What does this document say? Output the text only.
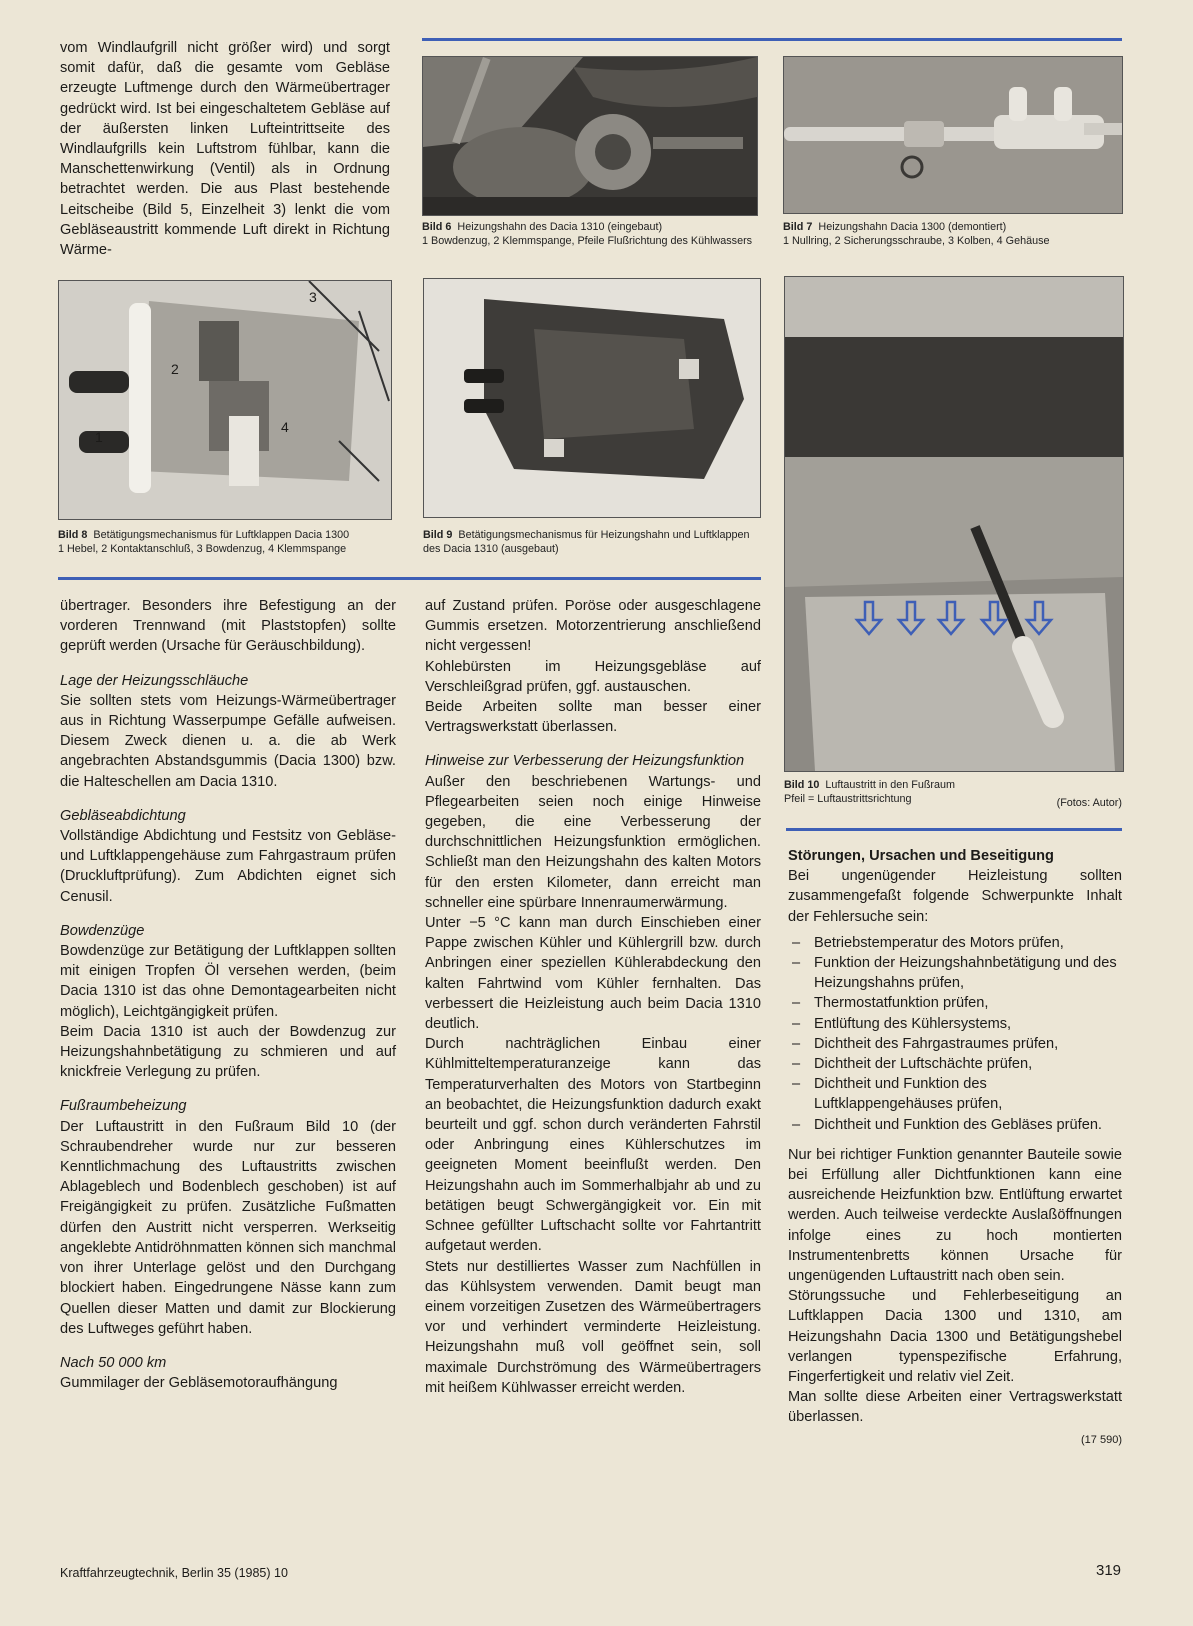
vom Windlaufgrill nicht größer wird) und sorgt somit dafür, daß die gesamte vom Gebläse erzeugte Luftmenge durch den Wärmeübertrager gedrückt wird. Ist bei eingeschaltetem Gebläse auf der äußersten linken Lufteintrittseite des Windlaufgrills kein Luftstrom fühlbar, kann die Manschettenwirkung (Ventil) als in Ordnung betrachtet werden. Die aus Plast bestehende Leitscheibe (Bild 5, Einzelheit 3) lenkt die vom Gebläseaustritt kommende Luft direkt in Richtung Wärme-

Bild 6 Heizungshahn des Dacia 1310 (eingebaut)
1 Bowdenzug, 2 Klemmspange, Pfeile Flußrichtung des Kühlwassers
Bild 7 Heizungshahn Dacia 1300 (demontiert)
1 Nullring, 2 Sicherungsschraube, 3 Kolben, 4 Gehäuse
3
2
1
4
Bild 8 Betätigungsmechanismus für Luftklappen Dacia 1300
1 Hebel, 2 Kontaktanschluß, 3 Bowdenzug, 4 Klemmspange
Bild 9 Betätigungsmechanismus für Heizungshahn und Luftklappen des Dacia 1310 (ausgebaut)

übertrager. Besonders ihre Befestigung an der vorderen Trennwand (mit Plaststopfen) sollte geprüft werden (Ursache für Geräuschbildung).

Lage der Heizungsschläuche

Sie sollten stets vom Heizungs-Wärmeübertrager aus in Richtung Wasserpumpe Gefälle aufweisen. Diesem Zweck dienen u. a. die ab Werk angebrachten Abstandsgummis (Dacia 1300) bzw. die Halteschellen am Dacia 1310.

Gebläseabdichtung

Vollständige Abdichtung und Festsitz von Gebläse- und Luftklappengehäuse zum Fahrgastraum prüfen (Druckluftprüfung). Zum Abdichten eignet sich Cenusil.

Bowdenzüge

Bowdenzüge zur Betätigung der Luftklappen sollten mit einigen Tropfen Öl versehen werden, (beim Dacia 1310 ist das ohne Demontagearbeiten nicht möglich), Leichtgängigkeit prüfen.

Beim Dacia 1310 ist auch der Bowdenzug zur Heizungshahnbetätigung zu schmieren und auf knickfreie Verlegung zu prüfen.

Fußraumbeheizung

Der Luftaustritt in den Fußraum Bild 10 (der Schraubendreher wurde nur zur besseren Kenntlichmachung des Luftaustritts zwischen Ablageblech und Bodenblech geschoben) ist auf Freigängigkeit zu prüfen. Zusätzliche Fußmatten dürfen den Austritt nicht versperren. Werkseitig angeklebte Antidröhnmatten können sich manchmal von ihrer Unterlage gelöst und den Durchgang blockiert haben. Eingedrungene Nässe kann zum Quellen dieser Matten und damit zur Blockierung des Luftweges geführt haben.

Nach 50 000 km

Gummilager der Gebläsemotoraufhängung

auf Zustand prüfen. Poröse oder ausgeschlagene Gummis ersetzen. Motorzentrierung anschließend nicht vergessen!

Kohlebürsten im Heizungsgebläse auf Verschleißgrad prüfen, ggf. austauschen.

Beide Arbeiten sollte man besser einer Vertragswerkstatt überlassen.

Hinweise zur Verbesserung der Heizungsfunktion

Außer den beschriebenen Wartungs- und Pflegearbeiten seien noch einige Hinweise gegeben, die eine Verbesserung der durchschnittlichen Heizungsfunktion ermöglichen. Schließt man den Heizungshahn des kalten Motors für den ersten Kilometer, dann erreicht man schneller eine spürbare Innenraumerwärmung.

Unter −5 °C kann man durch Einschieben einer Pappe zwischen Kühler und Kühlergrill bzw. durch Anbringen einer speziellen Kühlerabdeckung den kalten Fahrtwind vom Kühler fernhalten. Das verbessert die Heizleistung auch beim Dacia 1310 deutlich.

Durch nachträglichen Einbau einer Kühlmitteltemperaturanzeige kann das Temperaturverhalten des Motors von Startbeginn an beobachtet, die Heizungsfunktion dadurch exakt beurteilt und ggf. schon durch veränderten Fahrstil oder Anbringung eines Kühlerschutzes im geeigneten Moment beeinflußt werden. Den Heizungshahn auch im Sommerhalbjahr ab und zu betätigen beugt Schwergängigkeit vor. Ein mit Schnee gefüllter Luftschacht sollte vor Fahrtantritt aufgetaut werden.

Stets nur destilliertes Wasser zum Nachfüllen in das Kühlsystem verwenden. Damit beugt man einem vorzeitigen Zusetzen des Wärmeübertragers vor und verhindert verminderte Heizleistung. Heizungshahn muß voll geöffnet sein, soll maximale Durchströmung des Wärmeübertragers mit heißem Kühlwasser erreicht werden.

Bild 10 Luftaustritt in den Fußraum
Pfeil = Luftaustrittsrichtung	(Fotos: Autor)

Störungen, Ursachen und Beseitigung

Bei ungenügender Heizleistung sollten zusammengefaßt folgende Schwerpunkte Inhalt der Fehlersuche sein:

– Betriebstemperatur des Motors prüfen,
– Funktion der Heizungshahnbetätigung und des Heizungshahns prüfen,
– Thermostatfunktion prüfen,
– Entlüftung des Kühlersystems,
– Dichtheit des Fahrgastraumes prüfen,
– Dichtheit der Luftschächte prüfen,
– Dichtheit und Funktion des Luftklappengehäuses prüfen,
– Dichtheit und Funktion des Gebläses prüfen.

Nur bei richtiger Funktion genannter Bauteile sowie bei Erfüllung aller Dichtfunktionen kann eine ausreichende Heizfunktion bzw. Entlüftung erwartet werden. Auch teilweise verdeckte Auslaßöffnungen infolge eines zu hoch montierten Instrumentenbretts können Ursache für ungenügenden Luftaustritt nach oben sein.

Störungssuche und Fehlerbeseitigung an Luftklappen Dacia 1300 und 1310, am Heizungshahn Dacia 1300 und Betätigungshebel verlangen typenspezifische Erfahrung, Fingerfertigkeit und relativ viel Zeit.

Man sollte diese Arbeiten einer Vertragswerkstatt überlassen.

(17 590)

Kraftfahrzeugtechnik, Berlin 35 (1985) 10	319
